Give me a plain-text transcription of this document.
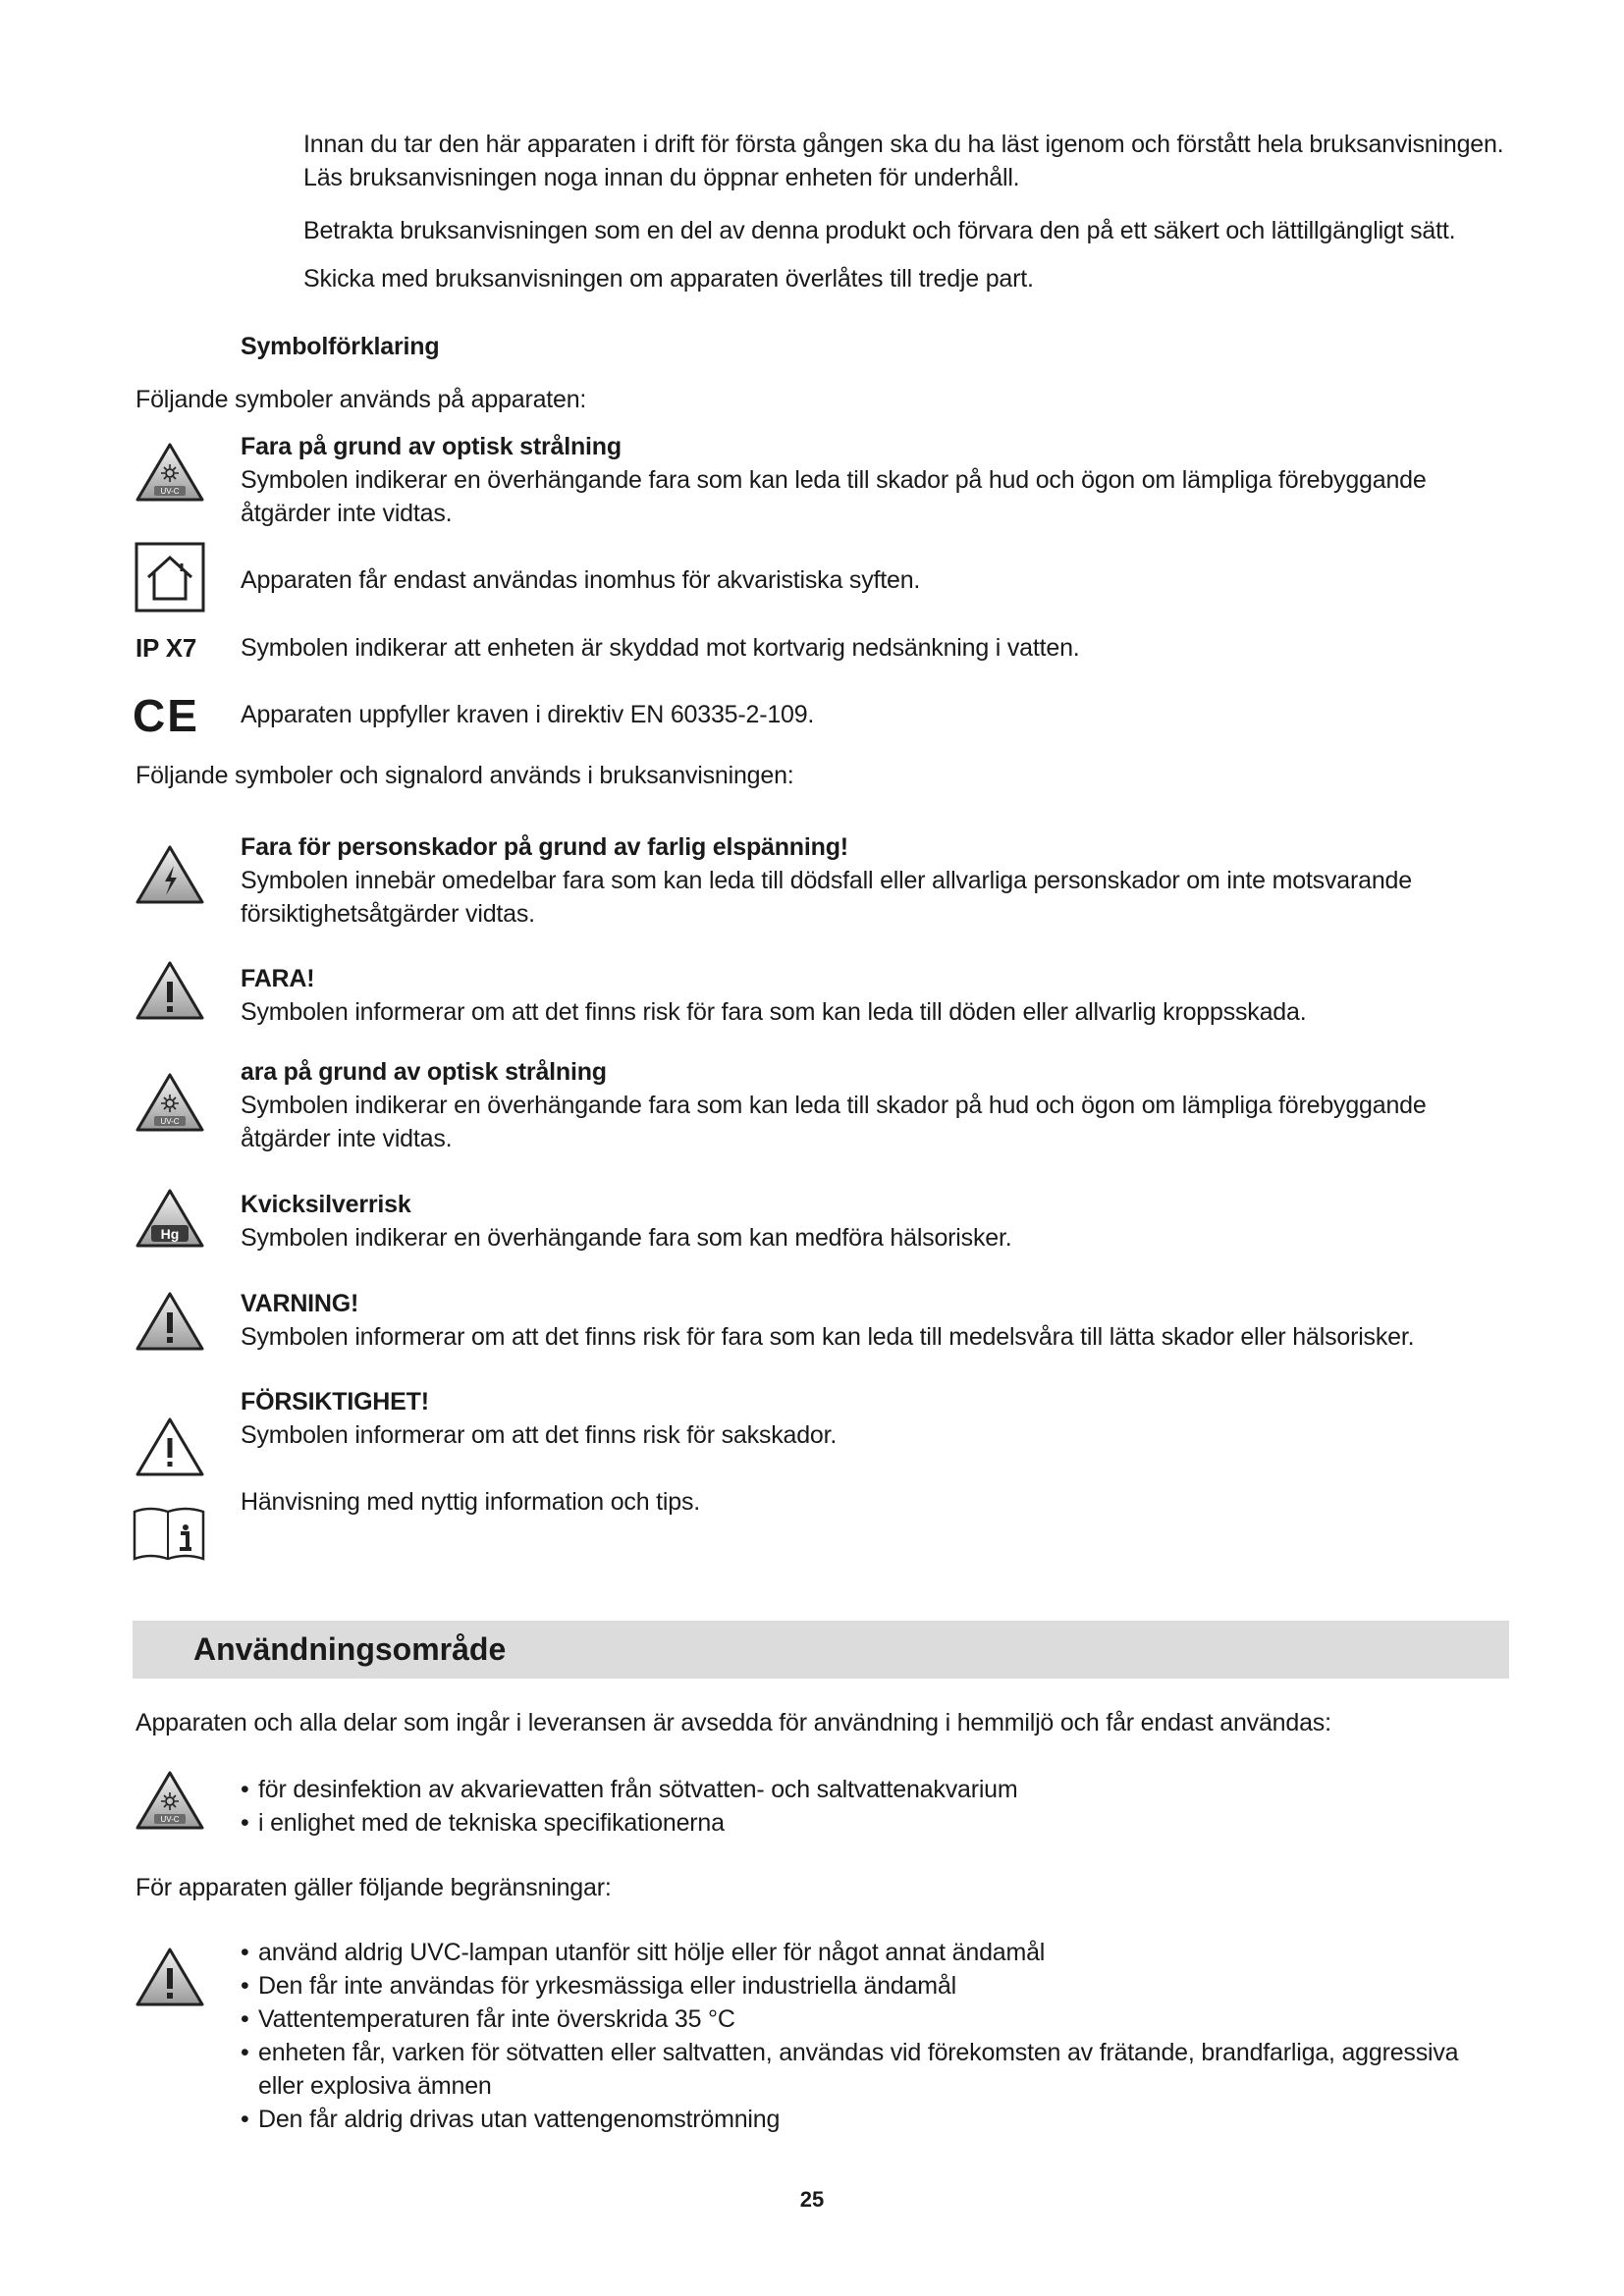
Innan du tar den här apparaten i drift för första gången ska du ha läst igenom och förstått hela bruksanvisningen. Läs bruksanvisningen noga innan du öppnar enheten för underhåll.
Betrakta bruksanvisningen som en del av denna produkt och förvara den på ett säkert och lättillgängligt sätt.
Skicka med bruksanvisningen om apparaten överlåtes till tredje part.
Symbolförklaring
Följande symboler används på apparaten:
UV-C
Fara på grund av optisk strålning
Symbolen indikerar en överhängande fara som kan leda till skador på hud och ögon om lämpliga förebyggande åtgärder inte vidtas.
Apparaten får endast användas inomhus för akvaristiska syften.
IP X7 Symbolen indikerar att enheten är skyddad mot kortvarig nedsänkning i vatten.
CE Apparaten uppfyller kraven i direktiv EN 60335-2-109.
Följande symboler och signalord används i bruksanvisningen:
Fara för personskador på grund av farlig elspänning!
Symbolen innebär omedelbar fara som kan leda till dödsfall eller allvarliga personskador om inte motsvarande försiktighetsåtgärder vidtas.
FARA!
Symbolen informerar om att det finns risk för fara som kan leda till döden eller allvarlig kroppsskada.
UV-C
ara på grund av optisk strålning
Symbolen indikerar en överhängande fara som kan leda till skador på hud och ögon om lämpliga förebyggande åtgärder inte vidtas.
Hg
Kvicksilverrisk
Symbolen indikerar en överhängande fara som kan medföra hälsorisker.
VARNING!
Symbolen informerar om att det finns risk för fara som kan leda till medelsvåra till lätta skador eller hälsorisker.
FÖRSIKTIGHET!
Symbolen informerar om att det finns risk för sakskador.
Hänvisning med nyttig information och tips.
Användningsområde
Apparaten och alla delar som ingår i leveransen är avsedda för användning i hemmiljö och får endast användas:
UV-C
• för desinfektion av akvarievatten från sötvatten- och saltvattenakvarium
• i enlighet med de tekniska specifikationerna
För apparaten gäller följande begränsningar:
• använd aldrig UVC-lampan utanför sitt hölje eller för något annat ändamål
• Den får inte användas för yrkesmässiga eller industriella ändamål
• Vattentemperaturen får inte överskrida 35 °C
• enheten får, varken för sötvatten eller saltvatten, användas vid förekomsten av frätande, brandfarliga, aggressiva eller explosiva ämnen
• Den får aldrig drivas utan vattengenomströmning
25
